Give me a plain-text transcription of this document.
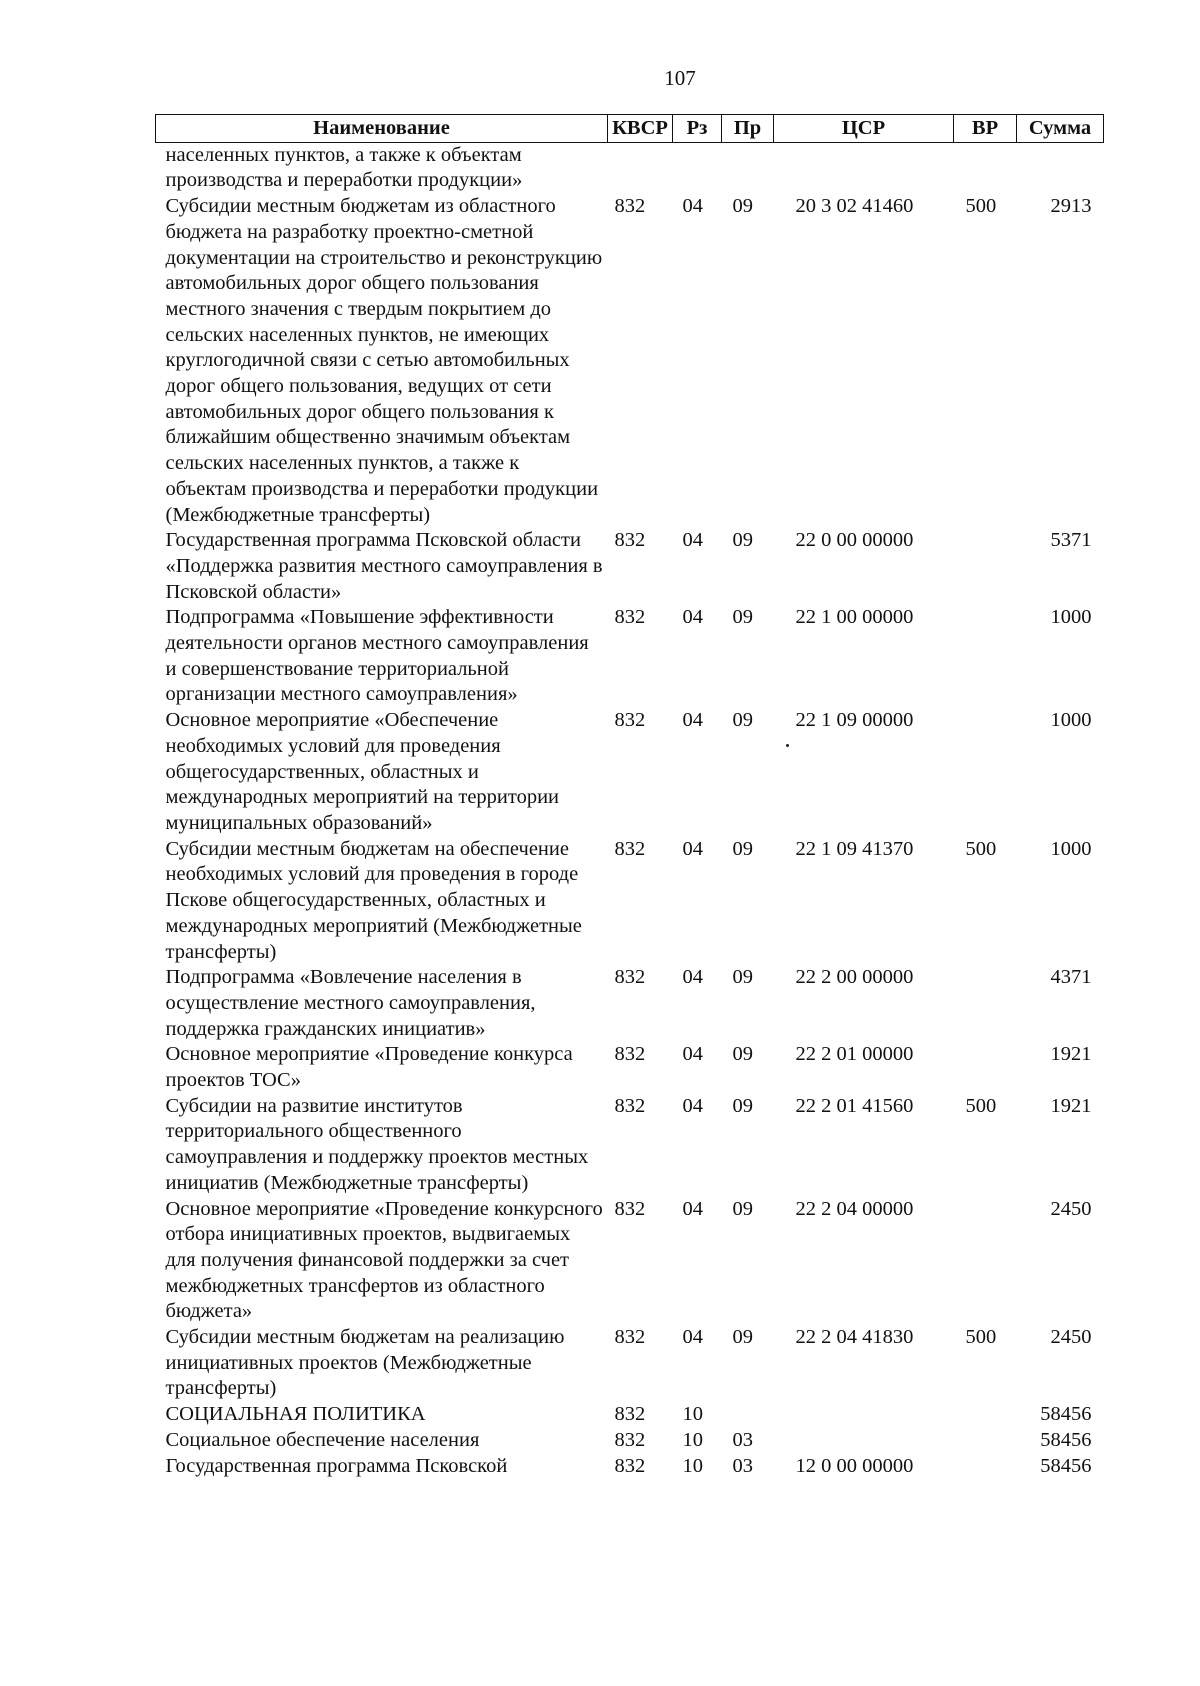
107
Наименование	КВСР	Рз	Пр	ЦСР	ВР	Сумма
населенных пунктов, а также к объектам производства и переработки продукции»						
Субсидии местным бюджетам из областного бюджета на разработку проектно-сметной документации на строительство и реконструкцию автомобильных дорог общего пользования местного значения с твердым покрытием до сельских населенных пунктов, не имеющих круглогодичной связи с сетью автомобильных дорог общего пользования, ведущих от сети автомобильных дорог общего пользования к ближайшим общественно значимым объектам сельских населенных пунктов, а также к объектам производства и переработки продукции (Межбюджетные трансферты)	832	04	09	20 3 02 41460	500	2913
Государственная программа Псковской области «Поддержка развития местного самоуправления в Псковской области»	832	04	09	22 0 00 00000		5371
Подпрограмма «Повышение эффективности деятельности органов местного самоуправления и совершенствование территориальной организации местного самоуправления»	832	04	09	22 1 00 00000		1000
Основное мероприятие «Обеспечение необходимых условий для проведения общегосударственных, областных и международных мероприятий на территории муниципальных образований»	832	04	09	22 1 09 00000		1000
Субсидии местным бюджетам на обеспечение необходимых условий для проведения в городе Пскове общегосударственных, областных и международных мероприятий (Межбюджетные трансферты)	832	04	09	22 1 09 41370	500	1000
Подпрограмма «Вовлечение населения в осуществление местного самоуправления, поддержка гражданских инициатив»	832	04	09	22 2 00 00000		4371
Основное мероприятие «Проведение конкурса проектов ТОС»	832	04	09	22 2 01 00000		1921
Субсидии на развитие институтов территориального общественного самоуправления и поддержку проектов местных инициатив (Межбюджетные трансферты)	832	04	09	22 2 01 41560	500	1921
Основное мероприятие «Проведение конкурсного отбора инициативных проектов, выдвигаемых для получения финансовой поддержки за счет межбюджетных трансфертов из областного бюджета»	832	04	09	22 2 04 00000		2450
Субсидии местным бюджетам на реализацию инициативных проектов (Межбюджетные трансферты)	832	04	09	22 2 04 41830	500	2450
СОЦИАЛЬНАЯ ПОЛИТИКА	832	10				58456
Социальное обеспечение населения	832	10	03			58456
Государственная программа Псковской	832	10	03	12 0 00 00000		58456
